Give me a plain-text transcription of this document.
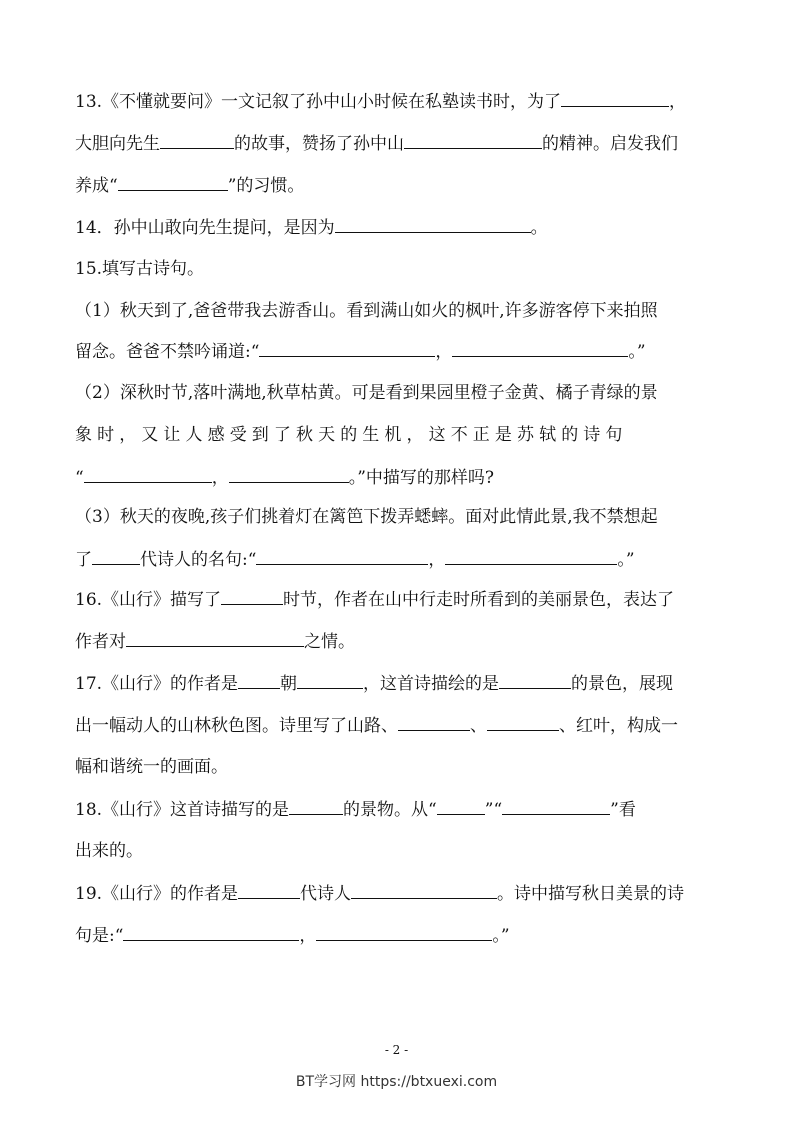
13.《不懂就要问》一文记叙了孙中山小时候在私塾读书时，为了	，
大胆向先生	的故事，赞扬了孙中山	的精神。启发我们
养成“	”的习惯。
14．孙中山敢向先生提问，是因为	。
15.填写古诗句。
（1）秋天到了,爸爸带我去游香山。看到满山如火的枫叶,许多游客停下来拍照
留念。爸爸不禁吟诵道:“	，	。”
（2）深秋时节,落叶满地,秋草枯黄。可是看到果园里橙子金黄、橘子青绿的景
象时，又让人感受到了秋天的生机，这不正是苏轼的诗句
“	，	。”中描写的那样吗?
（3）秋天的夜晚,孩子们挑着灯在篱笆下拨弄蟋蟀。面对此情此景,我不禁想起
了	代诗人的名句:“	，	。”
16.《山行》描写了	时节，作者在山中行走时所看到的美丽景色，表达了
作者对	之情。
17.《山行》的作者是 朝	，这首诗描绘的是	的景色，展现
出一幅动人的山林秋色图。诗里写了山路、	、	、红叶，构成一
幅和谐统一的画面。
18.《山行》这首诗描写的是	的景物。从“	”“	”看
出来的。
19.《山行》的作者是	代诗人	。诗中描写秋日美景的诗
句是:“	，	。”
- 2 -
BT学习网 https://btxuexi.com
